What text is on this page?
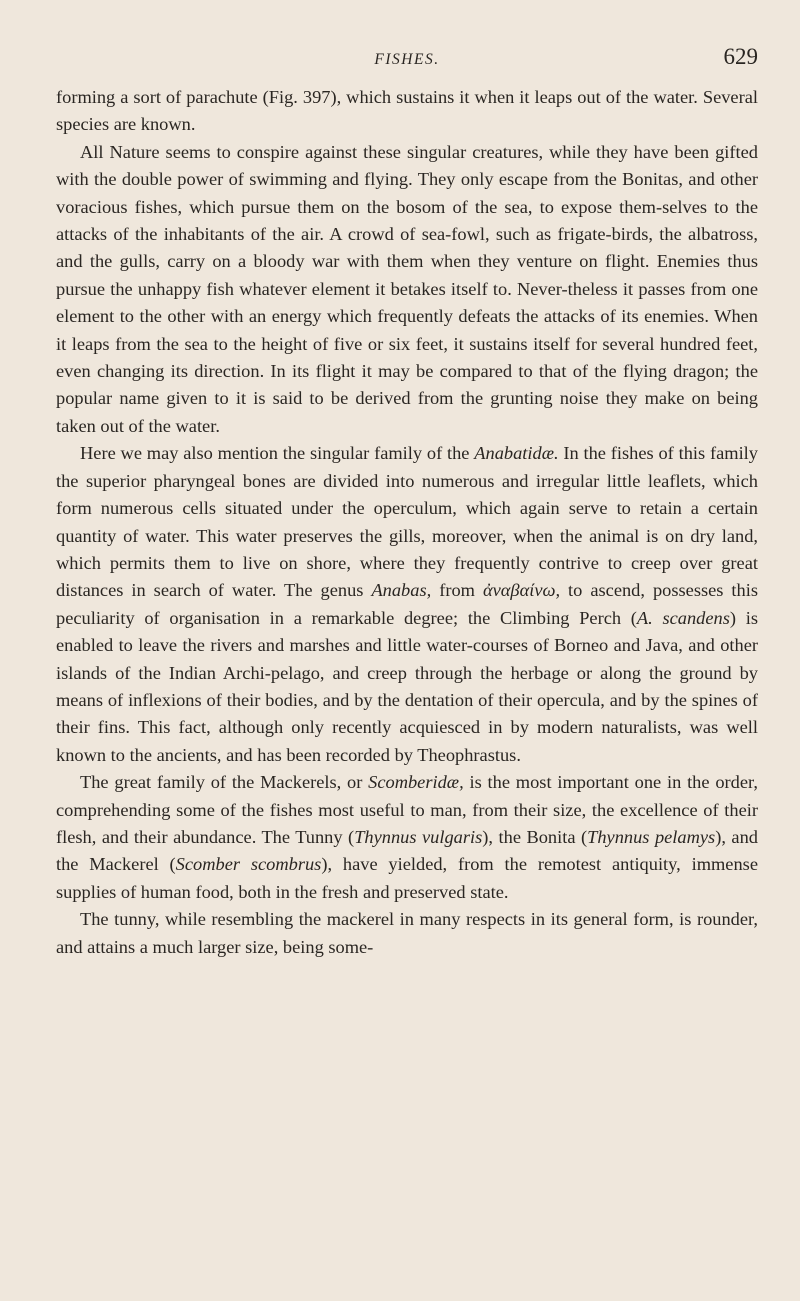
FISHES.	629

forming a sort of parachute (Fig. 397), which sustains it when it leaps out of the water. Several species are known.

All Nature seems to conspire against these singular creatures, while they have been gifted with the double power of swimming and flying. They only escape from the Bonitas, and other voracious fishes, which pursue them on the bosom of the sea, to expose them-selves to the attacks of the inhabitants of the air. A crowd of sea-fowl, such as frigate-birds, the albatross, and the gulls, carry on a bloody war with them when they venture on flight. Enemies thus pursue the unhappy fish whatever element it betakes itself to. Never-theless it passes from one element to the other with an energy which frequently defeats the attacks of its enemies. When it leaps from the sea to the height of five or six feet, it sustains itself for several hundred feet, even changing its direction. In its flight it may be compared to that of the flying dragon; the popular name given to it is said to be derived from the grunting noise they make on being taken out of the water.

Here we may also mention the singular family of the Anabatidæ. In the fishes of this family the superior pharyngeal bones are divided into numerous and irregular little leaflets, which form numerous cells situated under the operculum, which again serve to retain a certain quantity of water. This water preserves the gills, moreover, when the animal is on dry land, which permits them to live on shore, where they frequently contrive to creep over great distances in search of water. The genus Anabas, from ἀναβαίνω, to ascend, possesses this peculiarity of organisation in a remarkable degree; the Climbing Perch (A. scandens) is enabled to leave the rivers and marshes and little water-courses of Borneo and Java, and other islands of the Indian Archi-pelago, and creep through the herbage or along the ground by means of inflexions of their bodies, and by the dentation of their opercula, and by the spines of their fins. This fact, although only recently acquiesced in by modern naturalists, was well known to the ancients, and has been recorded by Theophrastus.

The great family of the Mackerels, or Scomberidæ, is the most important one in the order, comprehending some of the fishes most useful to man, from their size, the excellence of their flesh, and their abundance. The Tunny (Thynnus vulgaris), the Bonita (Thynnus pelamys), and the Mackerel (Scomber scombrus), have yielded, from the remotest antiquity, immense supplies of human food, both in the fresh and preserved state.

The tunny, while resembling the mackerel in many respects in its general form, is rounder, and attains a much larger size, being some-
